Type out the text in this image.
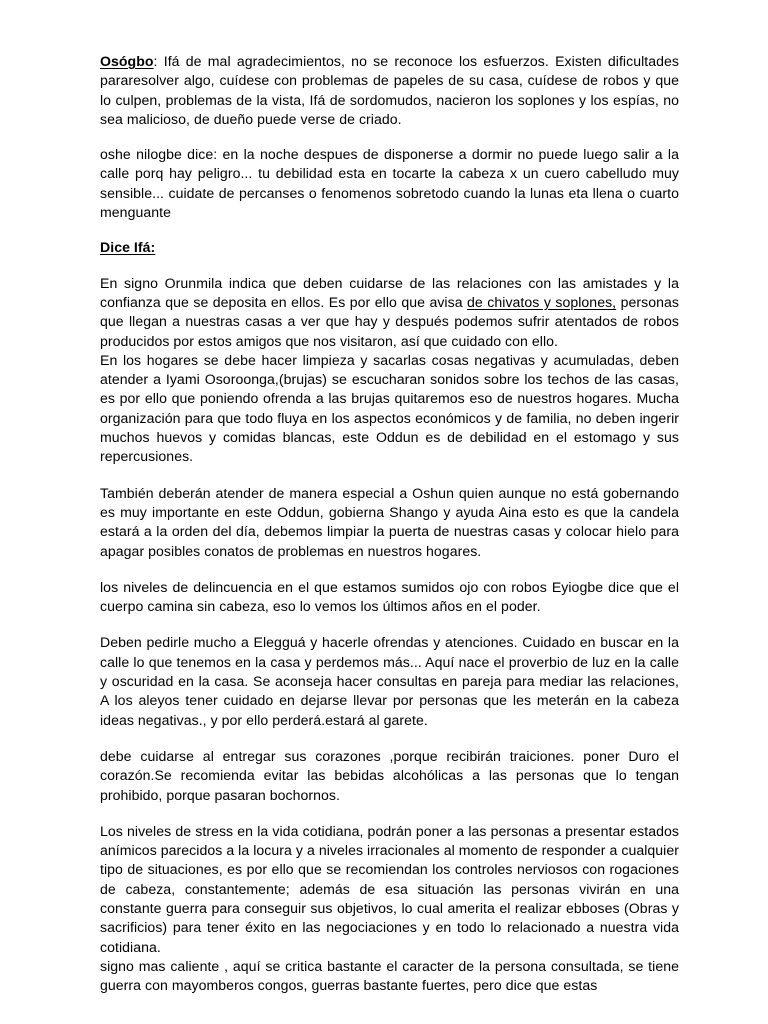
Osógbo: Ifá de mal agradecimientos, no se reconoce los esfuerzos. Existen dificultades pararesolver algo, cuídese con problemas de papeles de su casa, cuídese de robos y que lo culpen, problemas de la vista, Ifá de sordomudos, nacieron los soplones y los espías, no sea malicioso, de dueño puede verse de criado.

oshe nilogbe dice: en la noche despues de disponerse a dormir no puede luego salir a la calle porq hay peligro... tu debilidad esta en tocarte la cabeza x un cuero cabelludo muy sensible... cuidate de percanses o fenomenos sobretodo cuando la lunas eta llena o cuarto menguante

Dice Ifá:

En signo Orunmila indica que deben cuidarse de las relaciones con las amistades y la confianza que se deposita en ellos. Es por ello que avisa de chivatos y soplones, personas que llegan a nuestras casas a ver que hay y después podemos sufrir atentados de robos producidos por estos amigos que nos visitaron, así que cuidado con ello.

En los hogares se debe hacer limpieza y sacarlas cosas negativas y acumuladas, deben atender a Iyami Osoroonga,(brujas) se escucharan sonidos sobre los techos de las casas, es por ello que poniendo ofrenda a las brujas quitaremos eso de nuestros hogares. Mucha organización para que todo fluya en los aspectos económicos y de familia, no deben ingerir muchos huevos y comidas blancas, este Oddun es de debilidad en el estomago y sus repercusiones.

También deberán atender de manera especial a Oshun quien aunque no está gobernando es muy importante en este Oddun, gobierna Shango y ayuda Aina esto es que la candela estará a la orden del día, debemos limpiar la puerta de nuestras casas y colocar hielo para apagar posibles conatos de problemas en nuestros hogares.

los niveles de delincuencia en el que estamos sumidos ojo con robos Eyiogbe dice que el cuerpo camina sin cabeza, eso lo vemos los últimos años en el poder.

Deben pedirle mucho a Elegguá y hacerle ofrendas y atenciones. Cuidado en buscar en la calle lo que tenemos en la casa y perdemos más... Aquí nace el proverbio de luz en la calle y oscuridad en la casa. Se aconseja hacer consultas en pareja para mediar las relaciones, A los aleyos tener cuidado en dejarse llevar por personas que les meterán en la cabeza ideas negativas., y por ello perderá.estará al garete.

debe cuidarse al entregar sus corazones ,porque recibirán traiciones. poner Duro el corazón.Se recomienda evitar las bebidas alcohólicas a las personas que lo tengan prohibido, porque pasaran bochornos.

Los niveles de stress en la vida cotidiana, podrán poner a las personas a presentar estados anímicos parecidos a la locura y a niveles irracionales al momento de responder a cualquier tipo de situaciones, es por ello que se recomiendan los controles nerviosos con rogaciones de cabeza, constantemente; además de esa situación las personas vivirán en una constante guerra para conseguir sus objetivos, lo cual amerita el realizar ebboses (Obras y sacrificios) para tener éxito en las negociaciones y en todo lo relacionado a nuestra vida cotidiana.

signo mas caliente , aquí se critica bastante el caracter de la persona consultada, se tiene guerra con mayomberos congos, guerras bastante fuertes, pero dice que estas
